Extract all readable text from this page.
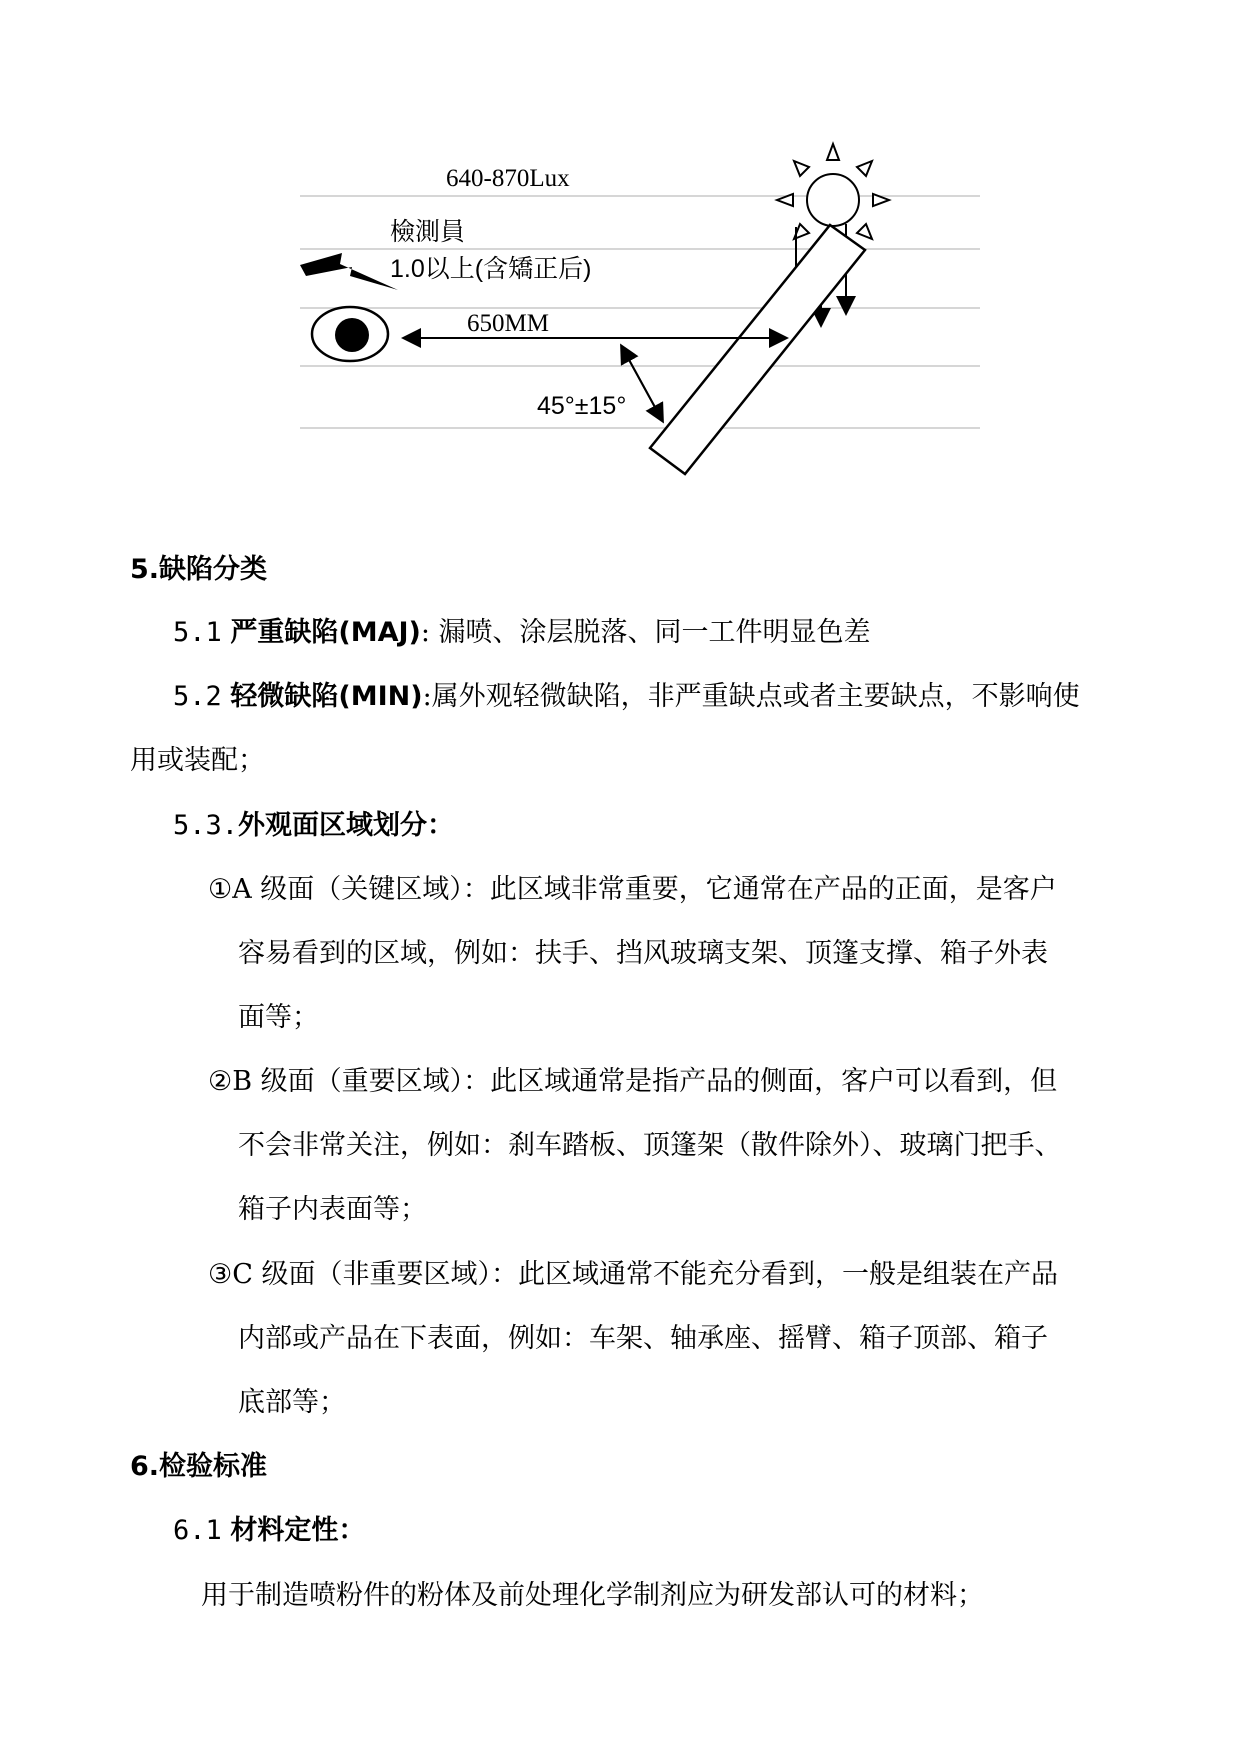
640-870Lux
檢測員
1.0以上(含矯正后)
650MM
45°±15°
5.缺陷分类
5.1 严重缺陷(MAJ): 漏喷、涂层脱落、同一工件明显色差
5.2 轻微缺陷(MIN):属外观轻微缺陷，非严重缺点或者主要缺点，不影响使
用或装配；
5.3.外观面区域划分：
①A 级面（关键区域）：此区域非常重要，它通常在产品的正面，是客户
容易看到的区域，例如：扶手、挡风玻璃支架、顶篷支撑、箱子外表
面等；
②B 级面（重要区域）：此区域通常是指产品的侧面，客户可以看到，但
不会非常关注，例如：刹车踏板、顶篷架（散件除外）、玻璃门把手、
箱子内表面等；
③C 级面（非重要区域）：此区域通常不能充分看到，一般是组装在产品
内部或产品在下表面，例如：车架、轴承座、摇臂、箱子顶部、箱子
底部等；
6.检验标准
6.1 材料定性：
用于制造喷粉件的粉体及前处理化学制剂应为研发部认可的材料；
